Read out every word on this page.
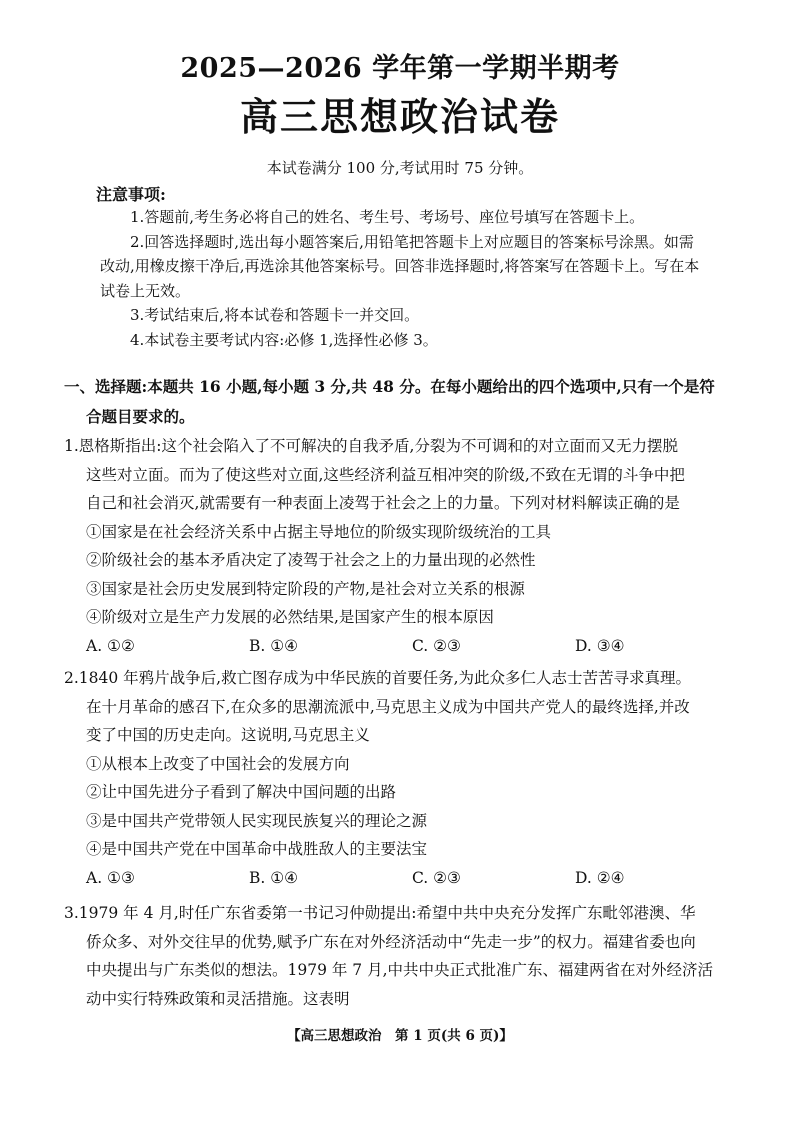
2025—2026 学年第一学期半期考
高三思想政治试卷
本试卷满分 100 分,考试用时 75 分钟。
注意事项:
1.答题前,考生务必将自己的姓名、考生号、考场号、座位号填写在答题卡上。
2.回答选择题时,选出每小题答案后,用铅笔把答题卡上对应题目的答案标号涂黑。如需改动,用橡皮擦干净后,再选涂其他答案标号。回答非选择题时,将答案写在答题卡上。写在本试卷上无效。
3.考试结束后,将本试卷和答题卡一并交回。
4.本试卷主要考试内容:必修 1,选择性必修 3。
一、选择题:本题共 16 小题,每小题 3 分,共 48 分。在每小题给出的四个选项中,只有一个是符
合题目要求的。
1.恩格斯指出:这个社会陷入了不可解决的自我矛盾,分裂为不可调和的对立面而又无力摆脱
这些对立面。而为了使这些对立面,这些经济利益互相冲突的阶级,不致在无谓的斗争中把
自己和社会消灭,就需要有一种表面上凌驾于社会之上的力量。下列对材料解读正确的是
①国家是在社会经济关系中占据主导地位的阶级实现阶级统治的工具
②阶级社会的基本矛盾决定了凌驾于社会之上的力量出现的必然性
③国家是社会历史发展到特定阶段的产物,是社会对立关系的根源
④阶级对立是生产力发展的必然结果,是国家产生的根本原因
A. ①②	B. ①④	C. ②③	D. ③④
2.1840 年鸦片战争后,救亡图存成为中华民族的首要任务,为此众多仁人志士苦苦寻求真理。
在十月革命的感召下,在众多的思潮流派中,马克思主义成为中国共产党人的最终选择,并改
变了中国的历史走向。这说明,马克思主义
①从根本上改变了中国社会的发展方向
②让中国先进分子看到了解决中国问题的出路
③是中国共产党带领人民实现民族复兴的理论之源
④是中国共产党在中国革命中战胜敌人的主要法宝
A. ①③	B. ①④	C. ②③	D. ②④
3.1979 年 4 月,时任广东省委第一书记习仲勋提出:希望中共中央充分发挥广东毗邻港澳、华
侨众多、对外交往早的优势,赋予广东在对外经济活动中“先走一步”的权力。福建省委也向
中央提出与广东类似的想法。1979 年 7 月,中共中央正式批准广东、福建两省在对外经济活
动中实行特殊政策和灵活措施。这表明
【高三思想政治　第 1 页(共 6 页)】
